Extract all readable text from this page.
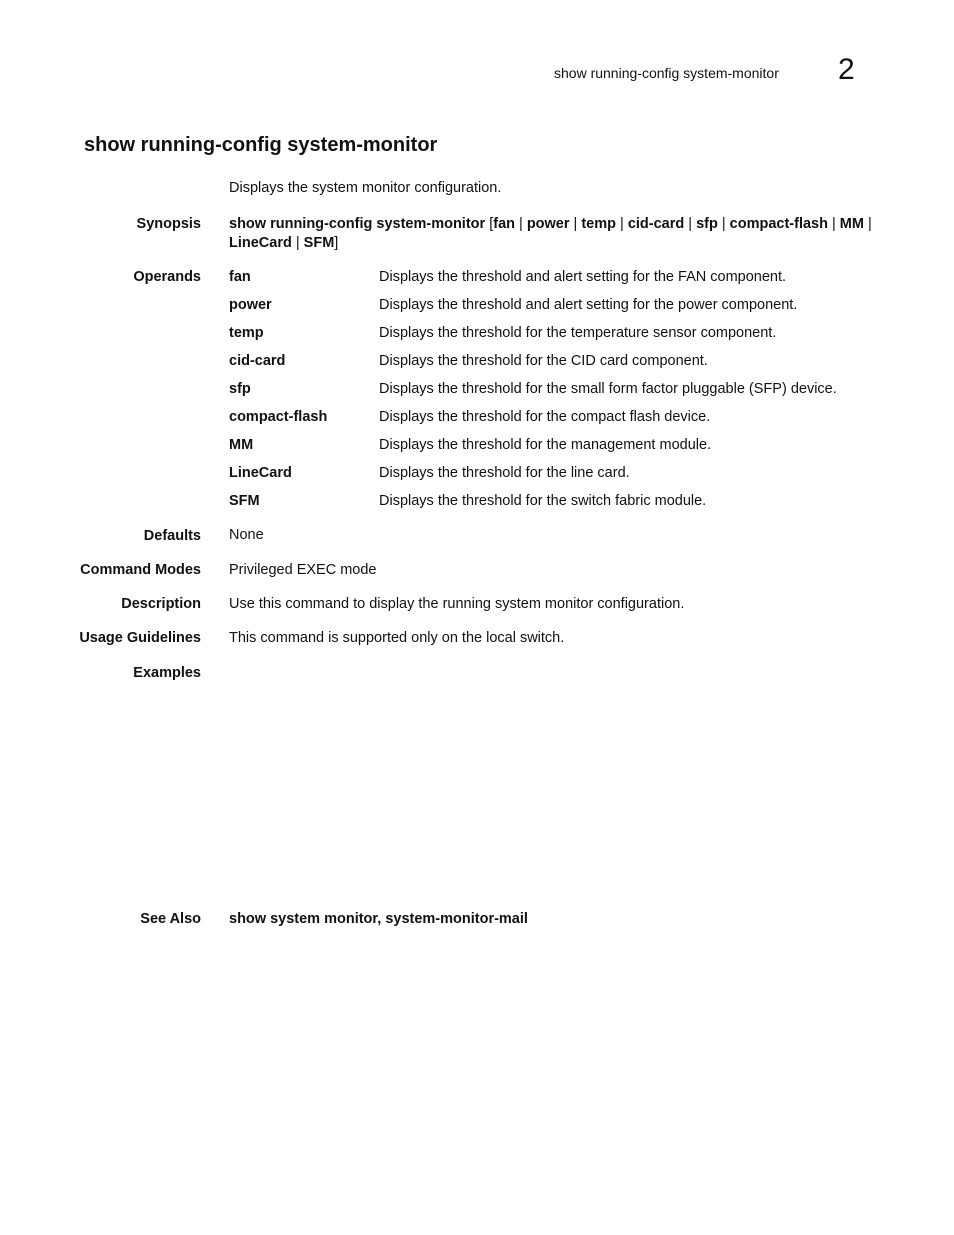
show running-config system-monitor 2
show running-config system-monitor
Displays the system monitor configuration.
Synopsis show running-config system-monitor [fan | power | temp | cid-card | sfp | compact-flash | MM |
LineCard | SFM]
Operands fan	Displays the threshold and alert setting for the FAN component.
power	Displays the threshold and alert setting for the power component.
temp	Displays the threshold for the temperature sensor component.
cid-card	Displays the threshold for the CID card component.
sfp	Displays the threshold for the small form factor pluggable (SFP) device.
compact-flash	Displays the threshold for the compact flash device.
MM	Displays the threshold for the management module.
LineCard	Displays the threshold for the line card.
SFM	Displays the threshold for the switch fabric module.
Defaults None
Command Modes Privileged EXEC mode
Description Use this command to display the running system monitor configuration.
Usage Guidelines This command is supported only on the local switch.
Examples
See Also show system monitor, system-monitor-mail
